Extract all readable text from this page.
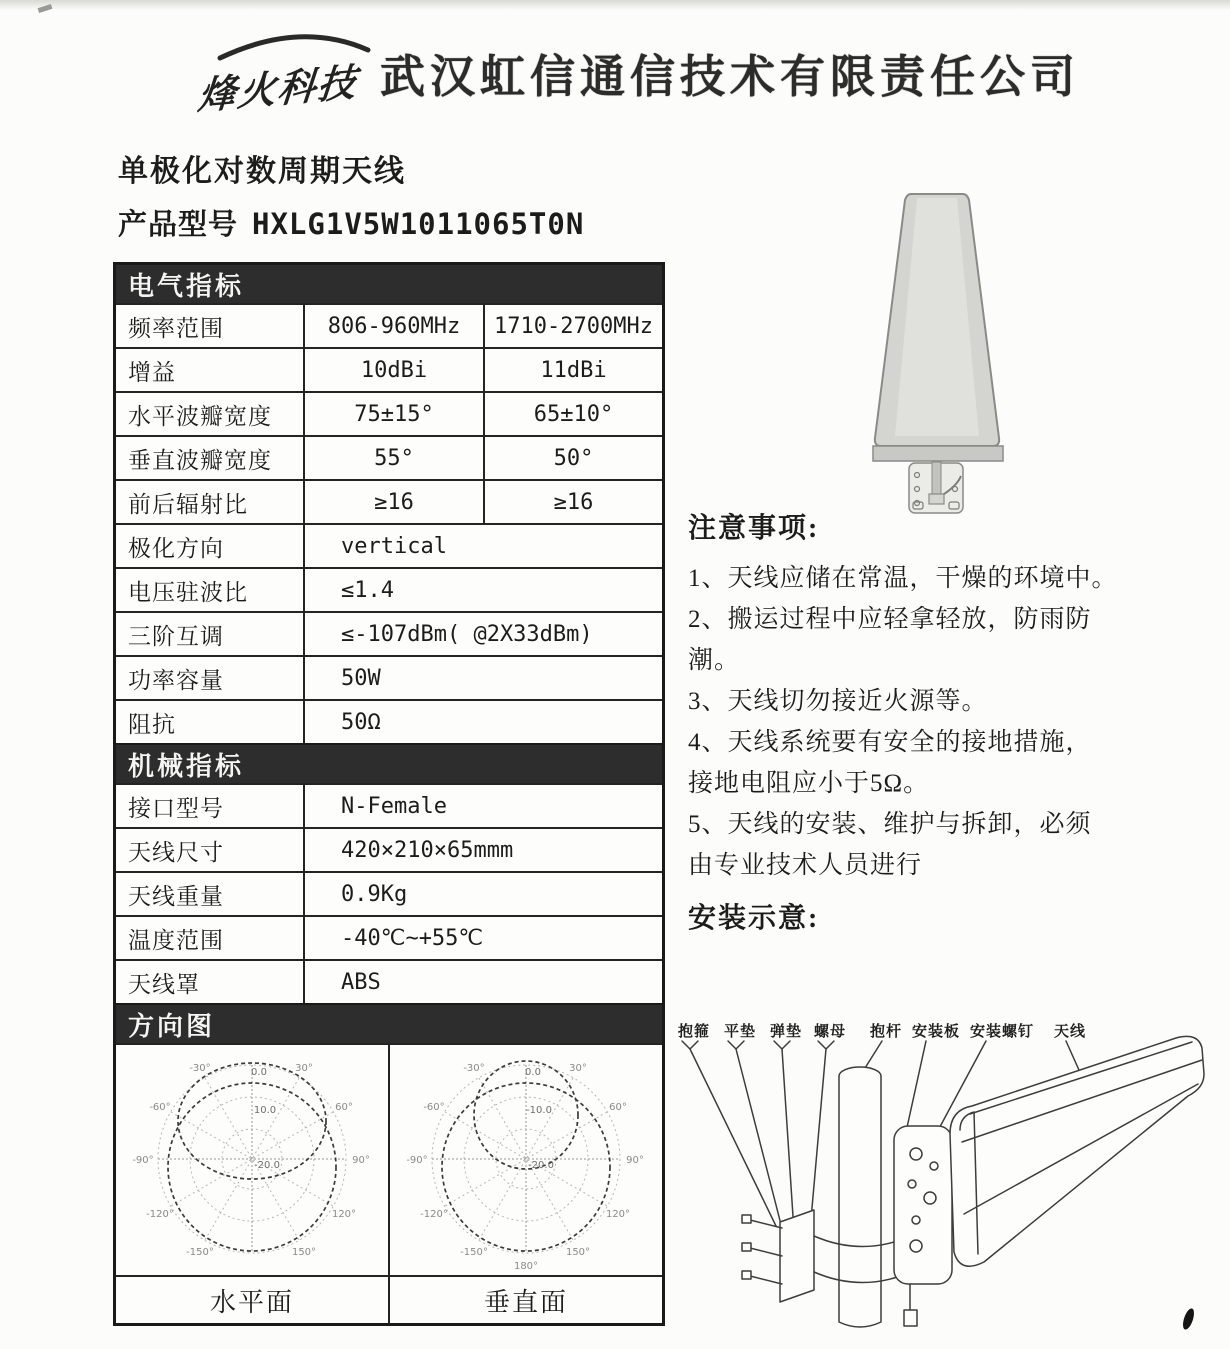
烽火科技 武汉虹信通信技术有限责任公司
单极化对数周期天线
产品型号 HXLG1V5W1011065T0N
电气指标
频率范围	806-960MHz	1710-2700MHz
增益	10dBi	11dBi
水平波瓣宽度	75±15°	65±10°
垂直波瓣宽度	55°	50°
前后辐射比	≥16	≥16
极化方向	vertical
电压驻波比	≤1.4
三阶互调	≤-107dBm( @2X33dBm)
功率容量	50W
阻抗	50Ω
机械指标
接口型号	N-Female
天线尺寸	420×210×65mmm
天线重量	0.9Kg
温度范围	-40℃~+55℃
天线罩	ABS
方向图
-30°	30°
-60°	60°
-90°	90°
-120°	120°
-150°	150°
0.0
10.0
-20.0
-30°	30°
-60°	60°
-90°	90°
-120°	120°
-150°	150°
180°
0.0
-10.0
-20.0
水平面	垂直面
注意事项:
1、天线应储在常温，干燥的环境中。
2、搬运过程中应轻拿轻放，防雨防
潮。
3、天线切勿接近火源等。
4、天线系统要有安全的接地措施，
接地电阻应小于5Ω。
5、天线的安装、维护与拆卸，必须
由专业技术人员进行
安装示意:
抱箍 平垫 弹垫 螺母 抱杆 安装板 安装螺钉 天线
